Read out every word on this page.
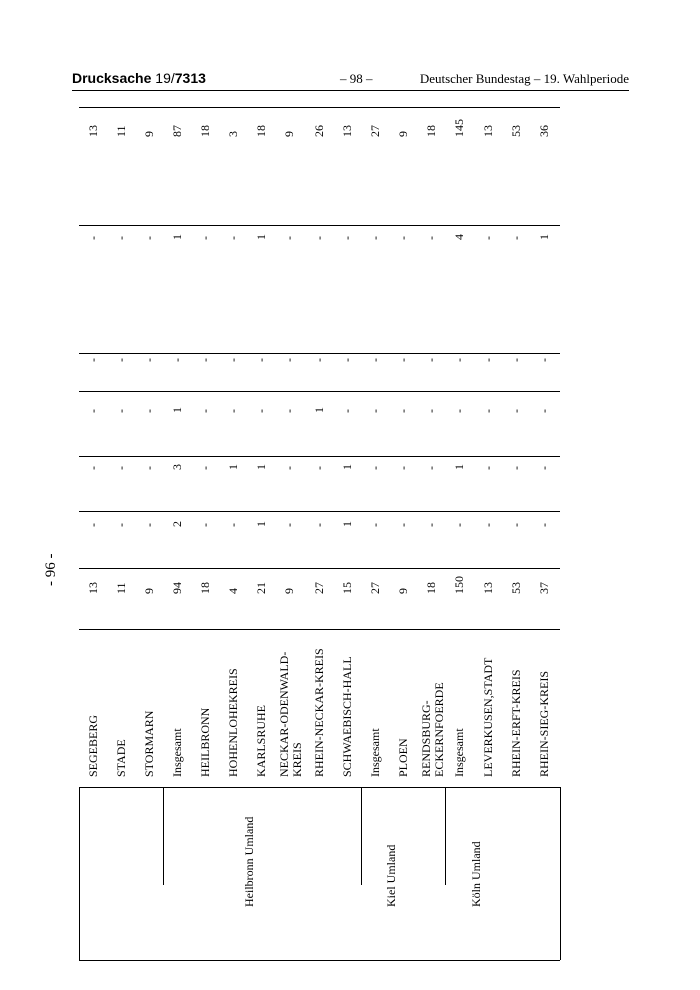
Drucksache 19/7313	– 98 –	Deutscher Bundestag – 19. Wahlperiode
- 96 -
SEGEBERG
13
-
-
-
-
-
13
STADE
11
-
-
-
-
-
11
STORMARN
9
-
-
-
-
-
9
Insgesamt
94
2
3
1
-
1
87
HEILBRONN
18
-
-
-
-
-
18
HOHENLOHEKREIS
4
-
1
-
-
-
3
KARLSRUHE
21
1
1
-
-
1
18
Heilbronn Umland
NECKAR-ODENWALD-
KREIS
9
-
-
-
-
-
9
RHEIN-NECKAR-KREIS
27
-
-
1
-
-
26
SCHWAEBISCH-HALL
15
1
1
-
-
-
13
Insgesamt
27
-
-
-
-
-
27
PLOEN
9
-
-
-
-
-
9
Kiel Umland
RENDSBURG-
ECKERNFOERDE
18
-
-
-
-
-
18
Insgesamt
150
-
1
-
-
4
145
LEVERKUSEN,STADT
13
-
-
-
-
-
13
Köln Umland
RHEIN-ERFT-KREIS
53
-
-
-
-
-
53
RHEIN-SIEG-KREIS
37
-
-
-
-
1
36
